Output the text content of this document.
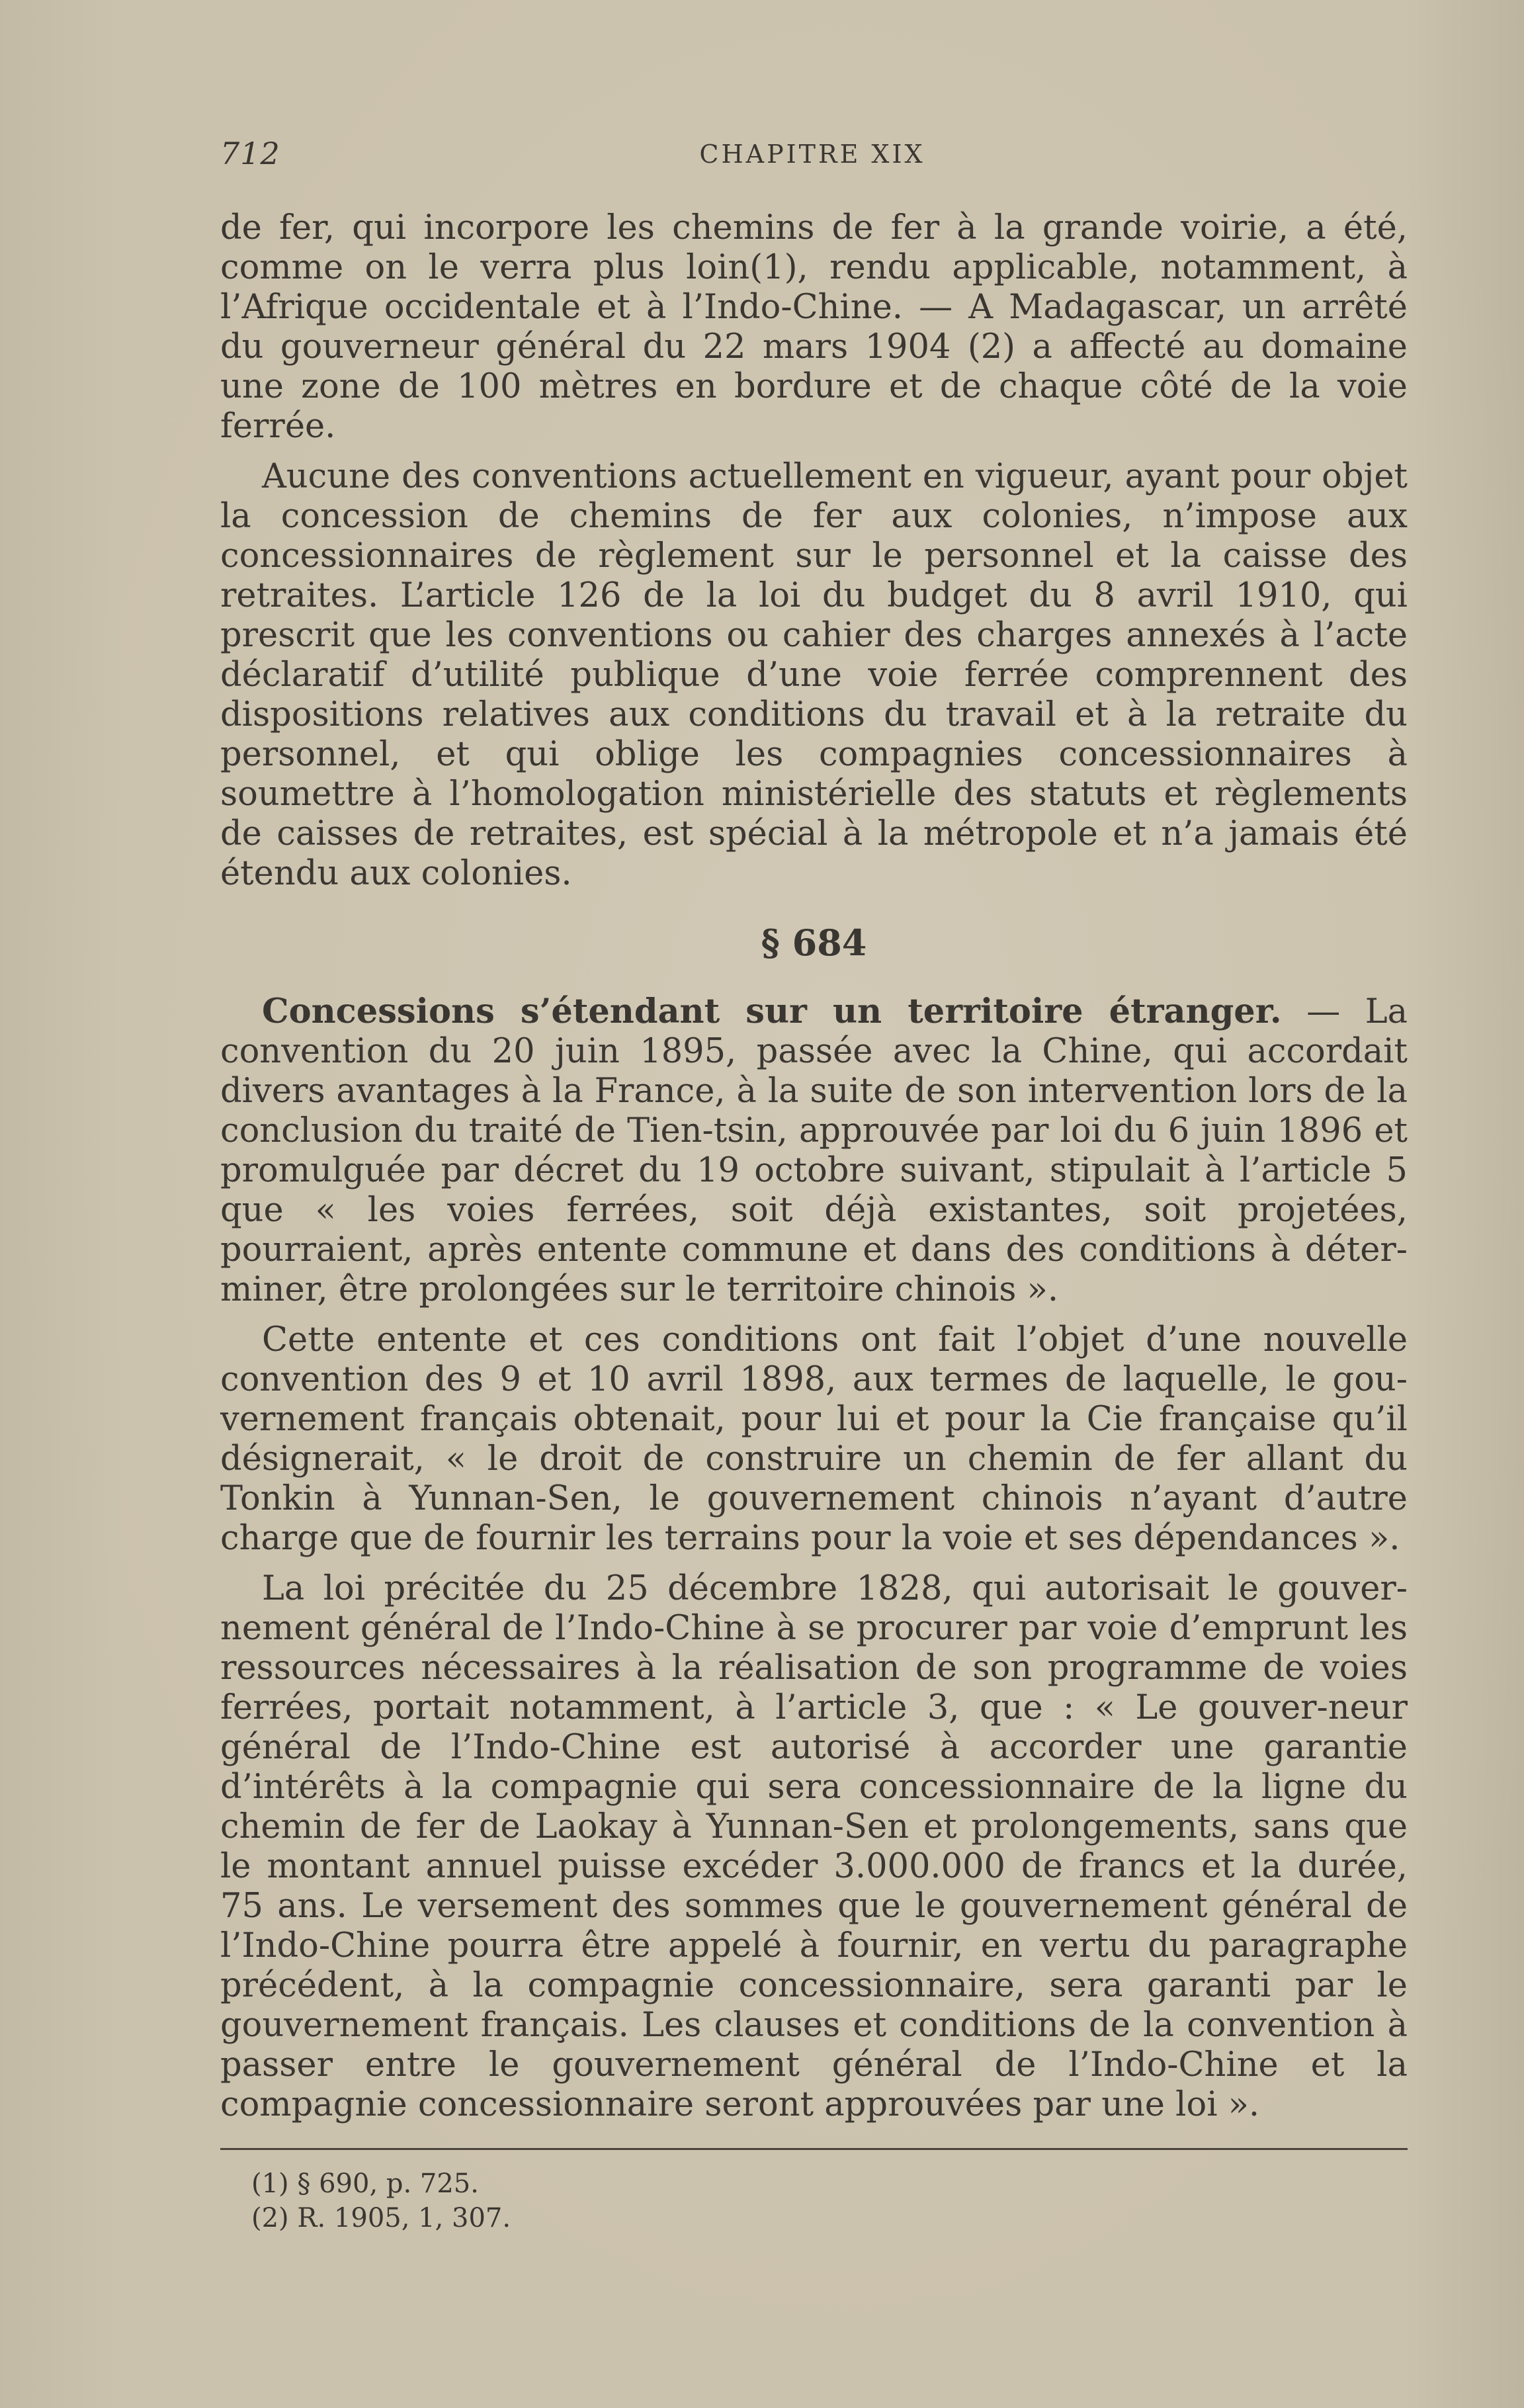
712	CHAPITRE XIX

de fer, qui incorpore les chemins de fer à la grande voirie, a été, comme on le verra plus loin(1), rendu applicable, notamment, à l’Afrique occidentale et à l’Indo-Chine. — A Madagascar, un arrêté du gouverneur général du 22 mars 1904 (2) a affecté au domaine une zone de 100 mètres en bordure et de chaque côté de la voie ferrée.

Aucune des conventions actuellement en vigueur, ayant pour objet la concession de chemins de fer aux colonies, n’impose aux concessionnaires de règlement sur le personnel et la caisse des retraites. L’article 126 de la loi du budget du 8 avril 1910, qui prescrit que les conventions ou cahier des charges annexés à l’acte déclaratif d’utilité publique d’une voie ferrée comprennent des dispositions relatives aux conditions du travail et à la retraite du personnel, et qui oblige les compagnies concessionnaires à soumettre à l’homologation ministérielle des statuts et règlements de caisses de retraites, est spécial à la métropole et n’a jamais été étendu aux colonies.

§ 684

Concessions s’étendant sur un territoire étranger. — La convention du 20 juin 1895, passée avec la Chine, qui accordait divers avantages à la France, à la suite de son intervention lors de la conclusion du traité de Tien-tsin, approuvée par loi du 6 juin 1896 et promulguée par décret du 19 octobre suivant, stipulait à l’article 5 que « les voies ferrées, soit déjà existantes, soit projetées, pourraient, après entente commune et dans des conditions à déter-miner, être prolongées sur le territoire chinois ».

Cette entente et ces conditions ont fait l’objet d’une nouvelle convention des 9 et 10 avril 1898, aux termes de laquelle, le gou-vernement français obtenait, pour lui et pour la Cie française qu’il désignerait, « le droit de construire un chemin de fer allant du Tonkin à Yunnan-Sen, le gouvernement chinois n’ayant d’autre charge que de fournir les terrains pour la voie et ses dépendances ».

La loi précitée du 25 décembre 1828, qui autorisait le gouver-nement général de l’Indo-Chine à se procurer par voie d’emprunt les ressources nécessaires à la réalisation de son programme de voies ferrées, portait notamment, à l’article 3, que : « Le gouver-neur général de l’Indo-Chine est autorisé à accorder une garantie d’intérêts à la compagnie qui sera concessionnaire de la ligne du chemin de fer de Laokay à Yunnan-Sen et prolongements, sans que le montant annuel puisse excéder 3.000.000 de francs et la durée, 75 ans. Le versement des sommes que le gouvernement général de l’Indo-Chine pourra être appelé à fournir, en vertu du paragraphe précédent, à la compagnie concessionnaire, sera garanti par le gouvernement français. Les clauses et conditions de la convention à passer entre le gouvernement général de l’Indo-Chine et la compagnie concessionnaire seront approuvées par une loi ».

(1) § 690, p. 725.
(2) R. 1905, 1, 307.
